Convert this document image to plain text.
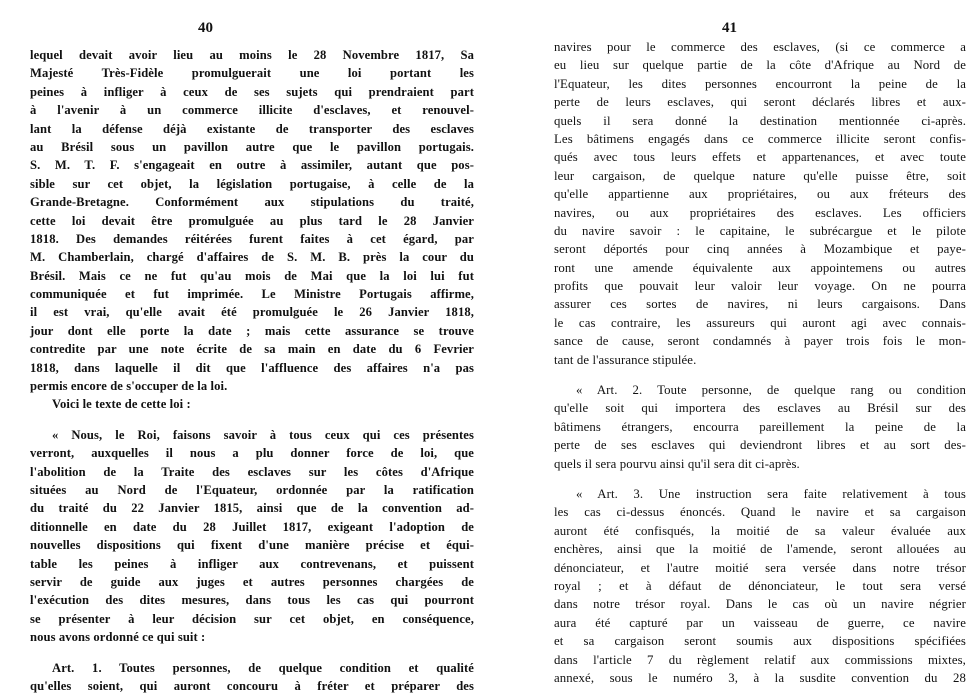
40
lequel devait avoir lieu au moins le 28 Novembre 1817, Sa
Majesté Très-Fidèle promulguerait une loi portant les
peines à infliger à ceux de ses sujets qui prendraient part
à l'avenir à un commerce illicite d'esclaves, et renouvel-
lant la défense déjà existante de transporter des esclaves
au Brésil sous un pavillon autre que le pavillon portugais.
S. M. T. F. s'engageait en outre à assimiler, autant que pos-
sible sur cet objet, la législation portugaise, à celle de la
Grande-Bretagne. Conformément aux stipulations du traité,
cette loi devait être promulguée au plus tard le 28 Janvier
1818. Des demandes réitérées furent faites à cet égard, par
M. Chamberlain, chargé d'affaires de S. M. B. près la cour du
Brésil. Mais ce ne fut qu'au mois de Mai que la loi lui fut
communiquée et fut imprimée. Le Ministre Portugais affirme,
il est vrai, qu'elle avait été promulguée le 26 Janvier 1818,
jour dont elle porte la date ; mais cette assurance se trouve
contredite par une note écrite de sa main en date du 6 Fevrier
1818, dans laquelle il dit que l'affluence des affaires n'a pas
permis encore de s'occuper de la loi.
Voici le texte de cette loi :
« Nous, le Roi, faisons savoir à tous ceux qui ces présentes
verront, auxquelles il nous a plu donner force de loi, que
l'abolition de la Traite des esclaves sur les côtes d'Afrique
situées au Nord de l'Equateur, ordonnée par la ratification
du traité du 22 Janvier 1815, ainsi que de la convention ad-
ditionnelle en date du 28 Juillet 1817, exigeant l'adoption de
nouvelles dispositions qui fixent d'une manière précise et équi-
table les peines à infliger aux contrevenans, et puissent
servir de guide aux juges et autres personnes chargées de
l'exécution des dites mesures, dans tous les cas qui pourront
se présenter à leur décision sur cet objet, en conséquence,
nous avons ordonné ce qui suit :
Art. 1. Toutes personnes, de quelque condition et qualité
qu'elles soient, qui auront concouru à fréter et préparer des
41
navires pour le commerce des esclaves, (si ce commerce a
eu lieu sur quelque partie de la côte d'Afrique au Nord de
l'Equateur, les dites personnes encourront la peine de la
perte de leurs esclaves, qui seront déclarés libres et aux-
quels il sera donné la destination mentionnée ci-après.
Les bâtimens engagés dans ce commerce illicite seront confis-
qués avec tous leurs effets et appartenances, et avec toute
leur cargaison, de quelque nature qu'elle puisse être, soit
qu'elle appartienne aux propriétaires, ou aux fréteurs des
navires, ou aux propriétaires des esclaves. Les officiers
du navire savoir : le capitaine, le subrécargue et le pilote
seront déportés pour cinq années à Mozambique et paye-
ront une amende équivalente aux appointemens ou autres
profits que pouvait leur valoir leur voyage. On ne pourra
assurer ces sortes de navires, ni leurs cargaisons. Dans
le cas contraire, les assureurs qui auront agi avec connais-
sance de cause, seront condamnés à payer trois fois le mon-
tant de l'assurance stipulée.
« Art. 2. Toute personne, de quelque rang ou condition
qu'elle soit qui importera des esclaves au Brésil sur des
bâtimens étrangers, encourra pareillement la peine de la
perte de ses esclaves qui deviendront libres et au sort des-
quels il sera pourvu ainsi qu'il sera dit ci-après.
« Art. 3. Une instruction sera faite relativement à tous
les cas ci-dessus énoncés. Quand le navire et sa cargaison
auront été confisqués, la moitié de sa valeur évaluée aux
enchères, ainsi que la moitié de l'amende, seront allouées au
dénonciateur, et l'autre moitié sera versée dans notre trésor
royal ; et à défaut de dénonciateur, le tout sera versé
dans notre trésor royal. Dans le cas où un navire négrier
aura été capturé par un vaisseau de guerre, ce navire
et sa cargaison seront soumis aux dispositions spécifiées
dans l'article 7 du règlement relatif aux commissions mixtes,
annexé, sous le numéro 3, à la susdite convention du 28
